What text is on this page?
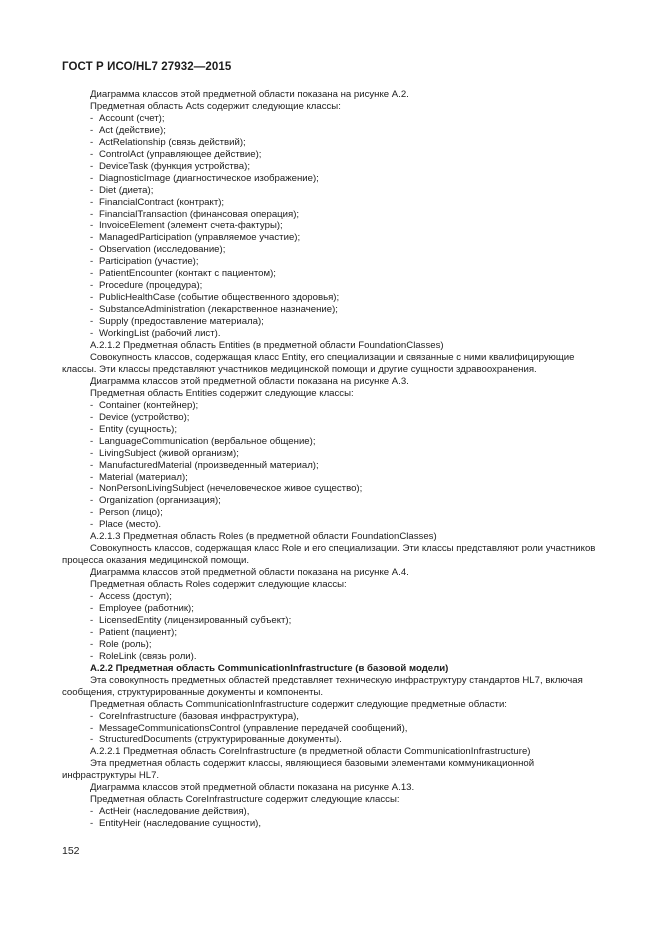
ГОСТ Р ИСО/HL7 27932—2015
Диаграмма классов этой предметной области показана на рисунке А.2.
Предметная область Acts содержит следующие классы:
- Account (счет);
- Act (действие);
- ActRelationship (связь действий);
- ControlAct (управляющее действие);
- DeviceTask (функция устройства);
- DiagnosticImage (диагностическое изображение);
- Diet (диета);
- FinancialContract (контракт);
- FinancialTransaction (финансовая операция);
- InvoiceElement (элемент счета-фактуры);
- ManagedParticipation (управляемое участие);
- Observation (исследование);
- Participation (участие);
- PatientEncounter (контакт с пациентом);
- Procedure (процедура);
- PublicHealthCase (событие общественного здоровья);
- SubstanceAdministration (лекарственное назначение);
- Supply (предоставление материала);
- WorkingList (рабочий лист).
А.2.1.2 Предметная область Entities (в предметной области FoundationClasses)
Совокупность классов, содержащая класс Entity, его специализации и связанные с ними квалифицирующие классы. Эти классы представляют участников медицинской помощи и другие сущности здравоохранения.
Диаграмма классов этой предметной области показана на рисунке А.3.
Предметная область Entities содержит следующие классы:
- Container (контейнер);
- Device (устройство);
- Entity (сущность);
- LanguageCommunication (вербальное общение);
- LivingSubject (живой организм);
- ManufacturedMaterial (произведенный материал);
- Material (материал);
- NonPersonLivingSubject (нечеловеческое живое существо);
- Organization (организация);
- Person (лицо);
- Place (место).
А.2.1.3 Предметная область Roles (в предметной области FoundationClasses)
Совокупность классов, содержащая класс Role и его специализации. Эти классы представляют роли участников процесса оказания медицинской помощи.
Диаграмма классов этой предметной области показана на рисунке А.4.
Предметная область Roles содержит следующие классы:
- Access (доступ);
- Employee (работник);
- LicensedEntity (лицензированный субъект);
- Patient (пациент);
- Role (роль);
- RoleLink (связь роли).
А.2.2 Предметная область CommunicationInfrastructure (в базовой модели)
Эта совокупность предметных областей представляет техническую инфраструктуру стандартов HL7, включая сообщения, структурированные документы и компоненты.
Предметная область CommunicationInfrastructure содержит следующие предметные области:
- CoreInfrastructure (базовая инфраструктура),
- MessageCommunicationsControl (управление передачей сообщений),
- StructuredDocuments (структурированные документы).
А.2.2.1 Предметная область CoreInfrastructure (в предметной области CommunicationInfrastructure)
Эта предметная область содержит классы, являющиеся базовыми элементами коммуникационной инфраструктуры HL7.
Диаграмма классов этой предметной области показана на рисунке А.13.
Предметная область CoreInfrastructure содержит следующие классы:
- ActHeir (наследование действия),
- EntityHeir (наследование сущности),
152
